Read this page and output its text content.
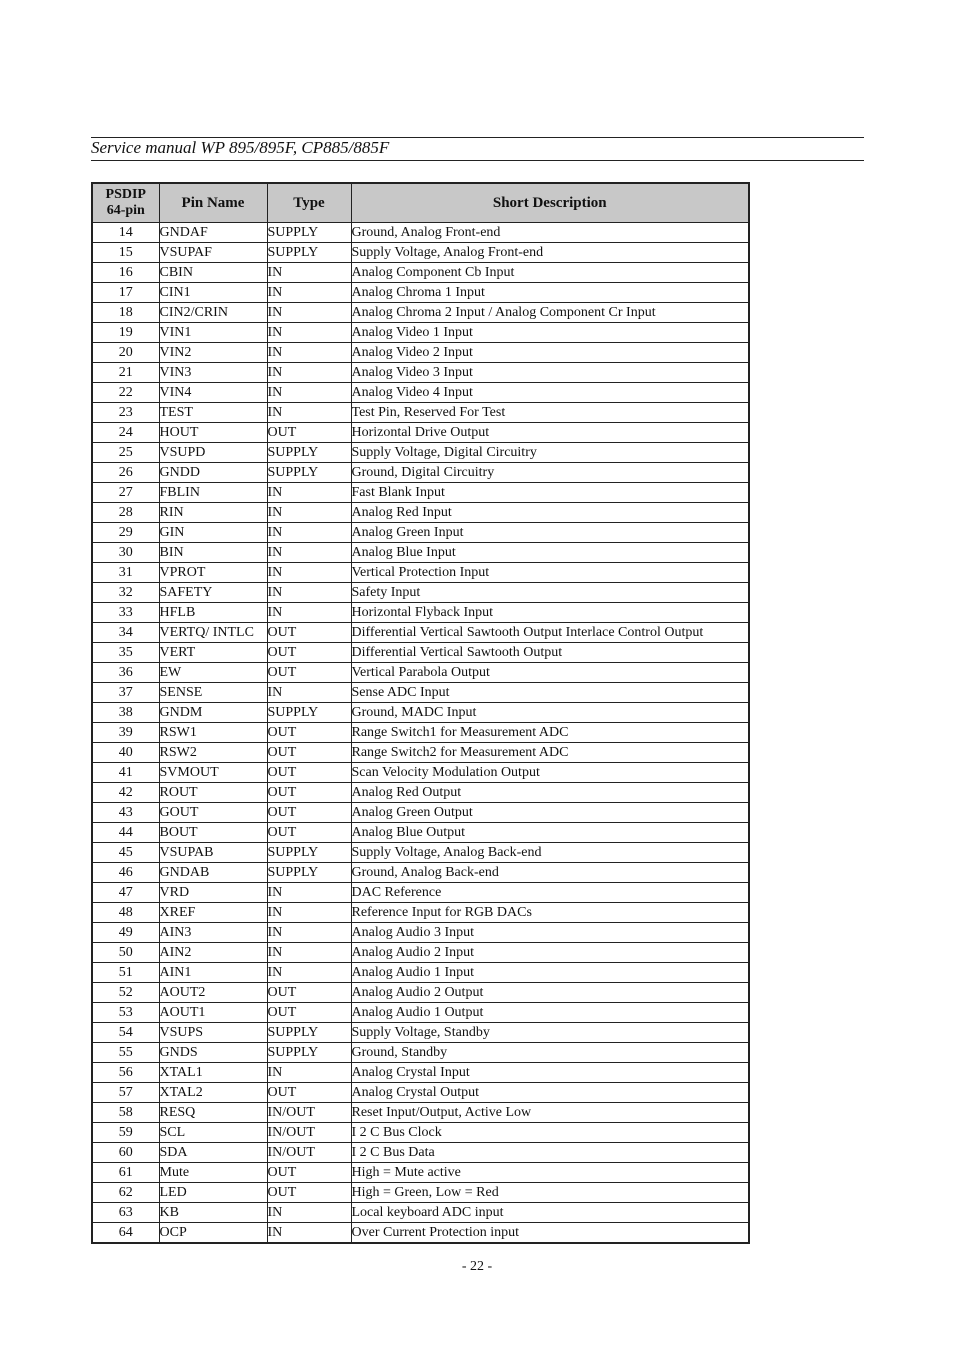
Service manual WP 895/895F, CP885/885F
PSDIP
64-pin	Pin Name	Type	Short Description
14	GNDAF	SUPPLY	Ground, Analog Front-end
15	VSUPAF	SUPPLY	Supply Voltage, Analog Front-end
16	CBIN	IN	Analog Component Cb Input
17	CIN1	IN	Analog Chroma 1 Input
18	CIN2/CRIN	IN	Analog Chroma 2 Input / Analog Component Cr Input
19	VIN1	IN	Analog Video 1 Input
20	VIN2	IN	Analog Video 2 Input
21	VIN3	IN	Analog Video 3 Input
22	VIN4	IN	Analog Video 4 Input
23	TEST	IN	Test Pin, Reserved For Test
24	HOUT	OUT	Horizontal Drive Output
25	VSUPD	SUPPLY	Supply Voltage, Digital Circuitry
26	GNDD	SUPPLY	Ground, Digital Circuitry
27	FBLIN	IN	Fast Blank Input
28	RIN	IN	Analog Red Input
29	GIN	IN	Analog Green Input
30	BIN	IN	Analog Blue Input
31	VPROT	IN	Vertical Protection Input
32	SAFETY	IN	Safety Input
33	HFLB	IN	Horizontal Flyback Input
34	VERTQ/ INTLC	OUT	Differential Vertical Sawtooth Output Interlace Control Output
35	VERT	OUT	Differential Vertical Sawtooth Output
36	EW	OUT	Vertical Parabola Output
37	SENSE	IN	Sense ADC Input
38	GNDM	SUPPLY	Ground, MADC Input
39	RSW1	OUT	Range Switch1 for Measurement ADC
40	RSW2	OUT	Range Switch2 for Measurement ADC
41	SVMOUT	OUT	Scan Velocity Modulation Output
42	ROUT	OUT	Analog Red Output
43	GOUT	OUT	Analog Green Output
44	BOUT	OUT	Analog Blue Output
45	VSUPAB	SUPPLY	Supply Voltage, Analog Back-end
46	GNDAB	SUPPLY	Ground, Analog Back-end
47	VRD	IN	DAC Reference
48	XREF	IN	Reference Input for RGB DACs
49	AIN3	IN	Analog Audio 3 Input
50	AIN2	IN	Analog Audio 2 Input
51	AIN1	IN	Analog Audio 1 Input
52	AOUT2	OUT	Analog Audio 2 Output
53	AOUT1	OUT	Analog Audio 1 Output
54	VSUPS	SUPPLY	Supply Voltage, Standby
55	GNDS	SUPPLY	Ground, Standby
56	XTAL1	IN	Analog Crystal Input
57	XTAL2	OUT	Analog Crystal Output
58	RESQ	IN/OUT	Reset Input/Output, Active Low
59	SCL	IN/OUT	I 2 C Bus Clock
60	SDA	IN/OUT	I 2 C Bus Data
61	Mute	OUT	High = Mute active
62	LED	OUT	High = Green, Low = Red
63	KB	IN	Local keyboard ADC input
64	OCP	IN	Over Current Protection input
- 22 -
